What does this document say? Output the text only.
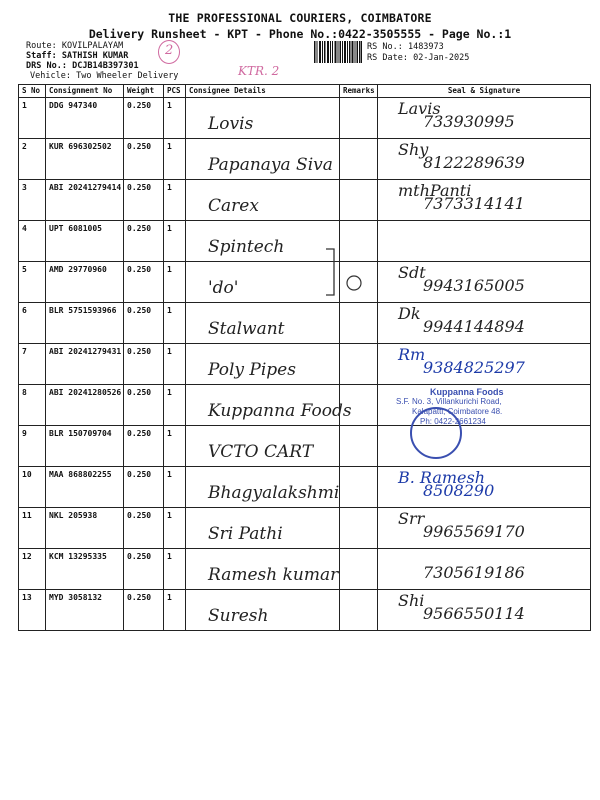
THE PROFESSIONAL COURIERS, COIMBATORE
Delivery Runsheet - KPT - Phone No.:0422-3505555 - Page No.:1
Route: KOVILPALAYAM
Staff: SATHISH KUMAR
DRS No.: DCJB14B397301
Vehicle: Two Wheeler Delivery
2
KTR. 2
RS No.: 1483973
RS Date: 02-Jan-2025
S No	Consignment No	Weight	PCS	Consignee Details	Remarks	Seal & Signature

1	DDG 947340	0.250	1	Lovis		Lavis
733930995

2	KUR 696302502	0.250	1	Papanaya Siva		Shy
8122289639

3	ABI 20241279414	0.250	1	Carex		mthPanti
7373314141

4	UPT 6081005	0.250	1	Spintech		

5	AMD 29770960	0.250	1	'do'		Sdt
9943165005

6	BLR 5751593966	0.250	1	Stalwant		Dk
9944144894

7	ABI 20241279431	0.250	1	Poly Pipes		Rm
9384825297

8	ABI 20241280526	0.250	1	Kuppanna Foods		

9	BLR 150709704	0.250	1	VCTO CART		

10	MAA 868802255	0.250	1	Bhagyalakshmi		B. Ramesh
8508290

11	NKL 205938	0.250	1	Sri Pathi		Srr
9965569170

12	KCM 13295335	0.250	1	Ramesh kumar		7305619186

13	MYD 3058132	0.250	1	Suresh		Shi
9566550114
Kuppanna Foods
S.F. No. 3, Villankurichi Road,
Kalapatti, Coimbatore 48.
Ph: 0422-2661234
